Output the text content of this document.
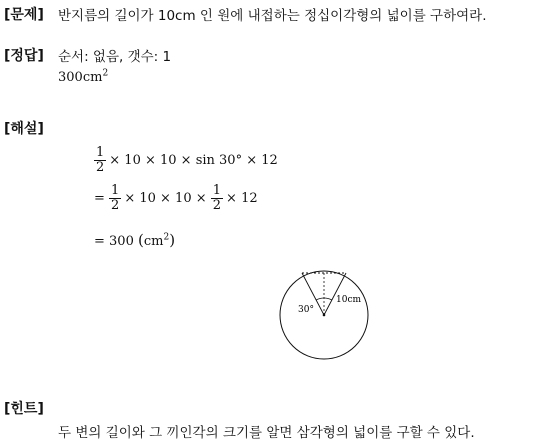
[문제] 반지름의 길이가 10cm 인 원에 내접하는 정십이각형의 넓이를 구하여라.
[정답] 순서: 없음, 갯수: 1
$300cm^2$
[해설]
$\frac{1}{2} \times 10 \times 10 \times \sin 30^\circ \times 12$
= $\frac{1}{2} \times 10 \times 10 \times \frac{1}{2} \times 12$
= 300 $(cm^2)$
30°
10cm
[힌트]
두 변의 길이와 그 끼인각의 크기를 알면 삼각형의 넓이를 구할 수 있다.
